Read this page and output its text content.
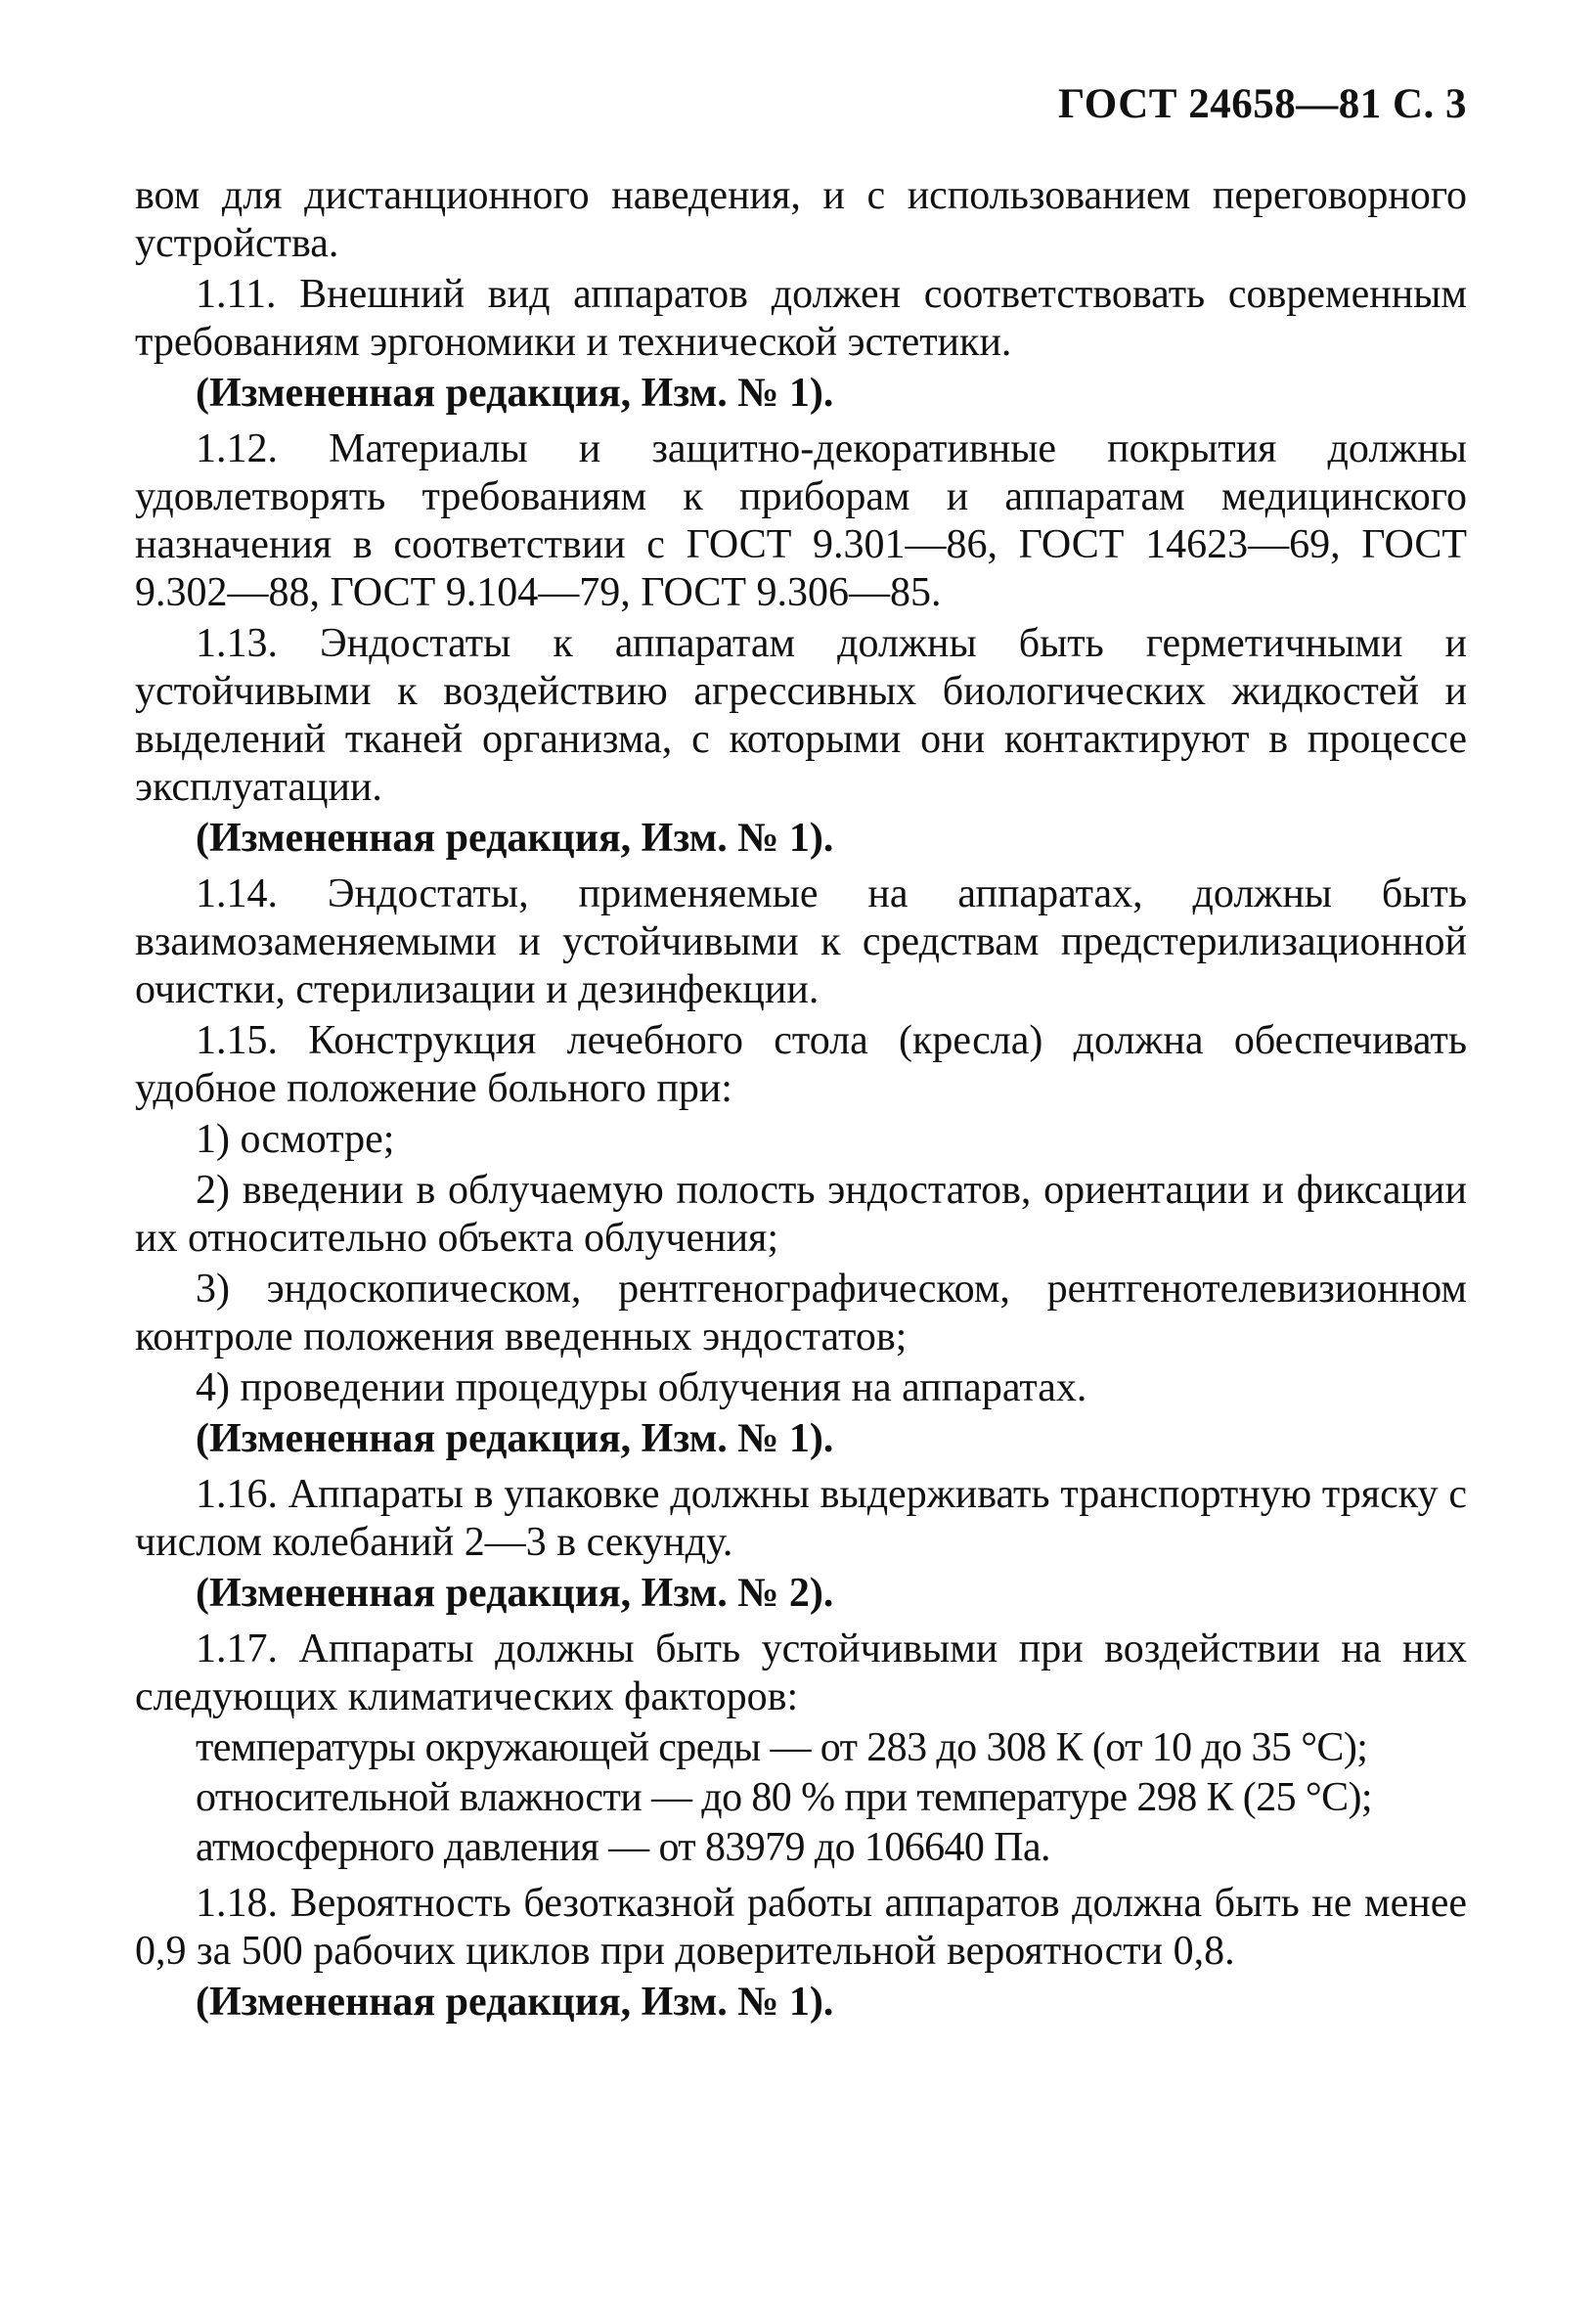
ГОСТ 24658—81 С. 3

вом для дистанционного наведения, и с использованием переговорного устройства.

1.11. Внешний вид аппаратов должен соответствовать современным требованиям эргономики и технической эстетики.

(Измененная редакция, Изм. № 1).

1.12. Материалы и защитно-декоративные покрытия должны удовлетворять требованиям к приборам и аппаратам медицинского назначения в соответствии с ГОСТ 9.301—86, ГОСТ 14623—69, ГОСТ 9.302—88, ГОСТ 9.104—79, ГОСТ 9.306—85.

1.13. Эндостаты к аппаратам должны быть герметичными и устойчивыми к воздействию агрессивных биологических жидкостей и выделений тканей организма, с которыми они контактируют в процессе эксплуатации.

(Измененная редакция, Изм. № 1).

1.14. Эндостаты, применяемые на аппаратах, должны быть взаимозаменяемыми и устойчивыми к средствам предстерилизационной очистки, стерилизации и дезинфекции.

1.15. Конструкция лечебного стола (кресла) должна обеспечивать удобное положение больного при:

1) осмотре;

2) введении в облучаемую полость эндостатов, ориентации и фиксации их относительно объекта облучения;

3) эндоскопическом, рентгенографическом, рентгенотелевизионном контроле положения введенных эндостатов;

4) проведении процедуры облучения на аппаратах.

(Измененная редакция, Изм. № 1).

1.16. Аппараты в упаковке должны выдерживать транспортную тряску с числом колебаний 2—3 в секунду.

(Измененная редакция, Изм. № 2).

1.17. Аппараты должны быть устойчивыми при воздействии на них следующих климатических факторов:

температуры окружающей среды — от 283 до 308 К (от 10 до 35 °С);

относительной влажности — до 80 % при температуре 298 К (25 °С);

атмосферного давления — от 83979 до 106640 Па.

1.18. Вероятность безотказной работы аппаратов должна быть не менее 0,9 за 500 рабочих циклов при доверительной вероятности 0,8.

(Измененная редакция, Изм. № 1).
